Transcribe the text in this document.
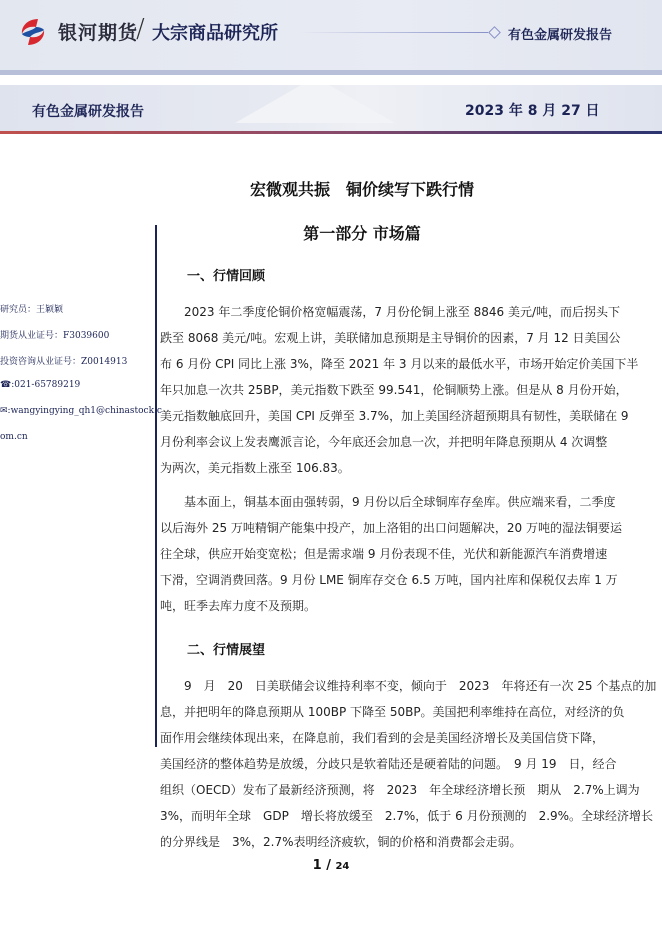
银河期货
/ 大宗商品研究所	有色金属研发报告
有色金属研发报告	2023 年 8 月 27 日
宏微观共振　铜价续写下跌行情
第一部分 市场篇
研究员：王颖颖
期货从业证号：F3039600
投资咨询从业证号：Z0014913
☎:021-65789219
✉:wangyingying_qh1@chinastock.c
om.cn
一、行情回顾
　　2023 年二季度伦铜价格宽幅震荡，7 月份伦铜上涨至 8846 美元/吨，而后拐头下
跌至 8068 美元/吨。宏观上讲，美联储加息预期是主导铜价的因素，7 月 12 日美国公
布 6 月份 CPI 同比上涨 3%，降至 2021 年 3 月以来的最低水平，市场开始定价美国下半
年只加息一次共 25BP，美元指数下跌至 99.541，伦铜顺势上涨。但是从 8 月份开始，
美元指数触底回升，美国 CPI 反弹至 3.7%，加上美国经济超预期具有韧性，美联储在 9
月份利率会议上发表鹰派言论，今年底还会加息一次，并把明年降息预期从 4 次调整
为两次，美元指数上涨至 106.83。
　　基本面上，铜基本面由强转弱，9 月份以后全球铜库存垒库。供应端来看，二季度
以后海外 25 万吨精铜产能集中投产，加上洛钼的出口问题解决，20 万吨的湿法铜要运
往全球，供应开始变宽松；但是需求端 9 月份表现不佳，光伏和新能源汽车消费增速
下滑，空调消费回落。9 月份 LME 铜库存交仓 6.5 万吨，国内社库和保税仅去库 1 万
吨，旺季去库力度不及预期。
二、行情展望
　　9　月　20　日美联储会议维持利率不变，倾向于　2023　年将还有一次 25 个基点的加
息，并把明年的降息预期从 100BP 下降至 50BP。美国把利率维持在高位，对经济的负
面作用会继续体现出来，在降息前，我们看到的会是美国经济增长及美国信贷下降，
美国经济的整体趋势是放缓，分歧只是软着陆还是硬着陆的问题。　9 月 19　日，经合
组织（OECD）发布了最新经济预测，将　2023　年全球经济增长预　期从　2.7%上调为
3%，而明年全球　GDP　增长将放缓至　2.7%，低于 6 月份预测的　2.9%。全球经济增长
的分界线是　3%，2.7%表明经济疲软，铜的价格和消费都会走弱。
1 / 24
